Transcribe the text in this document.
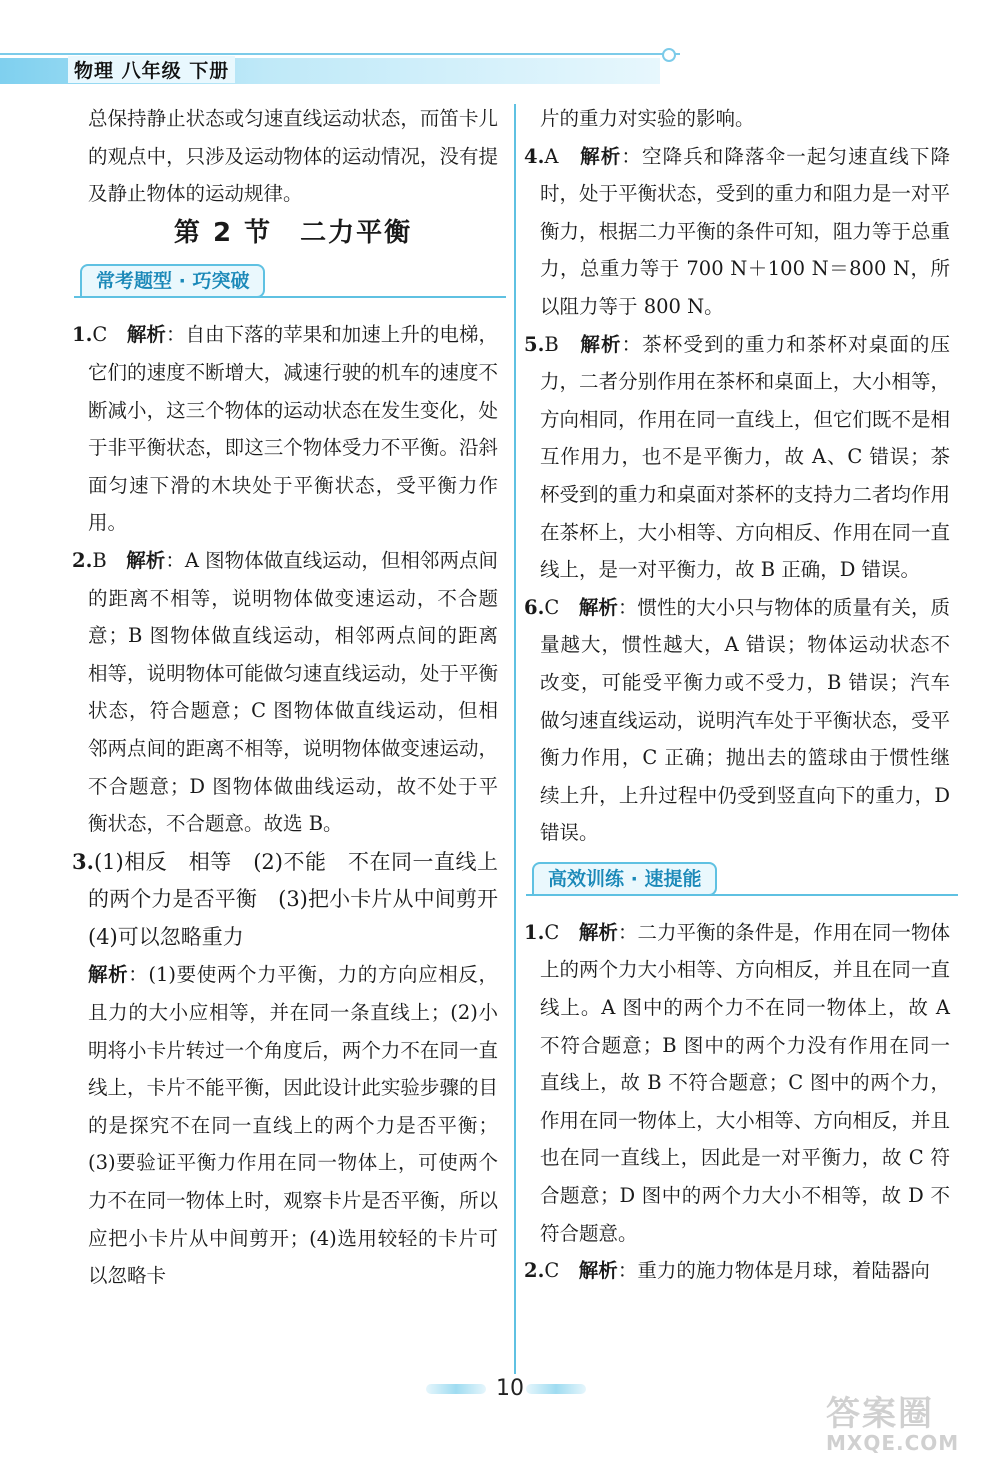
物理 八年级 下册

总保持静止状态或匀速直线运动状态，而笛卡儿的观点中，只涉及运动物体的运动情况，没有提及静止物体的运动规律。

第 2 节　二力平衡
常考题型 · 巧突破

1.C　 解析：自由下落的苹果和加速上升的电梯，它们的速度不断增大，减速行驶的机车的速度不断减小，这三个物体的运动状态在发生变化，处于非平衡状态，即这三个物体受力不平衡。沿斜面匀速下滑的木块处于平衡状态，受平衡力作用。

2.B　 解析：A 图物体做直线运动，但相邻两点间的距离不相等，说明物体做变速运动，不合题意；B 图物体做直线运动，相邻两点间的距离相等，说明物体可能做匀速直线运动，处于平衡状态，符合题意；C 图物体做直线运动，但相邻两点间的距离不相等，说明物体做变速运动，不合题意；D 图物体做曲线运动，故不处于平衡状态，不合题意。故选 B。

3.(1)相反　相等　(2)不能　不在同一直线上的两个力是否平衡　(3)把小卡片从中间剪开　(4)可以忽略重力

解析：(1)要使两个力平衡，力的方向应相反，且力的大小应相等，并在同一条直线上；(2)小明将小卡片转过一个角度后，两个力不在同一直线上，卡片不能平衡，因此设计此实验步骤的目的是探究不在同一直线上的两个力是否平衡；(3)要验证平衡力作用在同一物体上，可使两个力不在同一物体上时，观察卡片是否平衡，所以应把小卡片从中间剪开；(4)选用较轻的卡片可以忽略卡

片的重力对实验的影响。

4.A　 解析：空降兵和降落伞一起匀速直线下降时，处于平衡状态，受到的重力和阻力是一对平衡力，根据二力平衡的条件可知，阻力等于总重力，总重力等于 700 N＋100 N＝800 N，所以阻力等于 800 N。

5.B　 解析：茶杯受到的重力和茶杯对桌面的压力，二者分别作用在茶杯和桌面上，大小相等，方向相同，作用在同一直线上，但它们既不是相互作用力，也不是平衡力，故 A、C 错误；茶杯受到的重力和桌面对茶杯的支持力二者均作用在茶杯上，大小相等、方向相反、作用在同一直线上，是一对平衡力，故 B 正确，D 错误。

6.C　 解析：惯性的大小只与物体的质量有关，质量越大，惯性越大，A 错误；物体运动状态不改变，可能受平衡力或不受力，B 错误；汽车做匀速直线运动，说明汽车处于平衡状态，受平衡力作用，C 正确；抛出去的篮球由于惯性继续上升，上升过程中仍受到竖直向下的重力，D 错误。

高效训练 · 速提能

1.C　 解析：二力平衡的条件是，作用在同一物体上的两个力大小相等、方向相反，并且在同一直线上。A 图中的两个力不在同一物体上，故 A 不符合题意；B 图中的两个力没有作用在同一直线上，故 B 不符合题意；C 图中的两个力，作用在同一物体上，大小相等、方向相反，并且也在同一直线上，因此是一对平衡力，故 C 符合题意；D 图中的两个力大小不相等，故 D 不符合题意。

2.C　 解析：重力的施力物体是月球，着陆器向

10
答案圈
MXQE.COM
